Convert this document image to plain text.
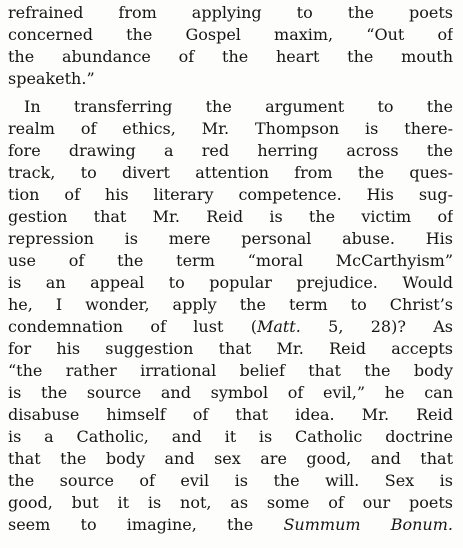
refrained from applying to the poets
concerned the Gospel maxim, “Out of
the abundance of the heart the mouth
speaketh.”
In transferring the argument to the
realm of ethics, Mr. Thompson is there-
fore drawing a red herring across the
track, to divert attention from the ques-
tion of his literary competence. His sug-
gestion that Mr. Reid is the victim of
repression is mere personal abuse. His
use of the term “moral McCarthyism”
is an appeal to popular prejudice. Would
he, I wonder, apply the term to Christ’s
condemnation of lust (Matt. 5, 28)? As
for his suggestion that Mr. Reid accepts
“the rather irrational belief that the body
is the source and symbol of evil,” he can
disabuse himself of that idea. Mr. Reid
is a Catholic, and it is Catholic doctrine
that the body and sex are good, and that
the source of evil is the will. Sex is
good, but it is not, as some of our poets
seem to imagine, the Summum Bonum.
